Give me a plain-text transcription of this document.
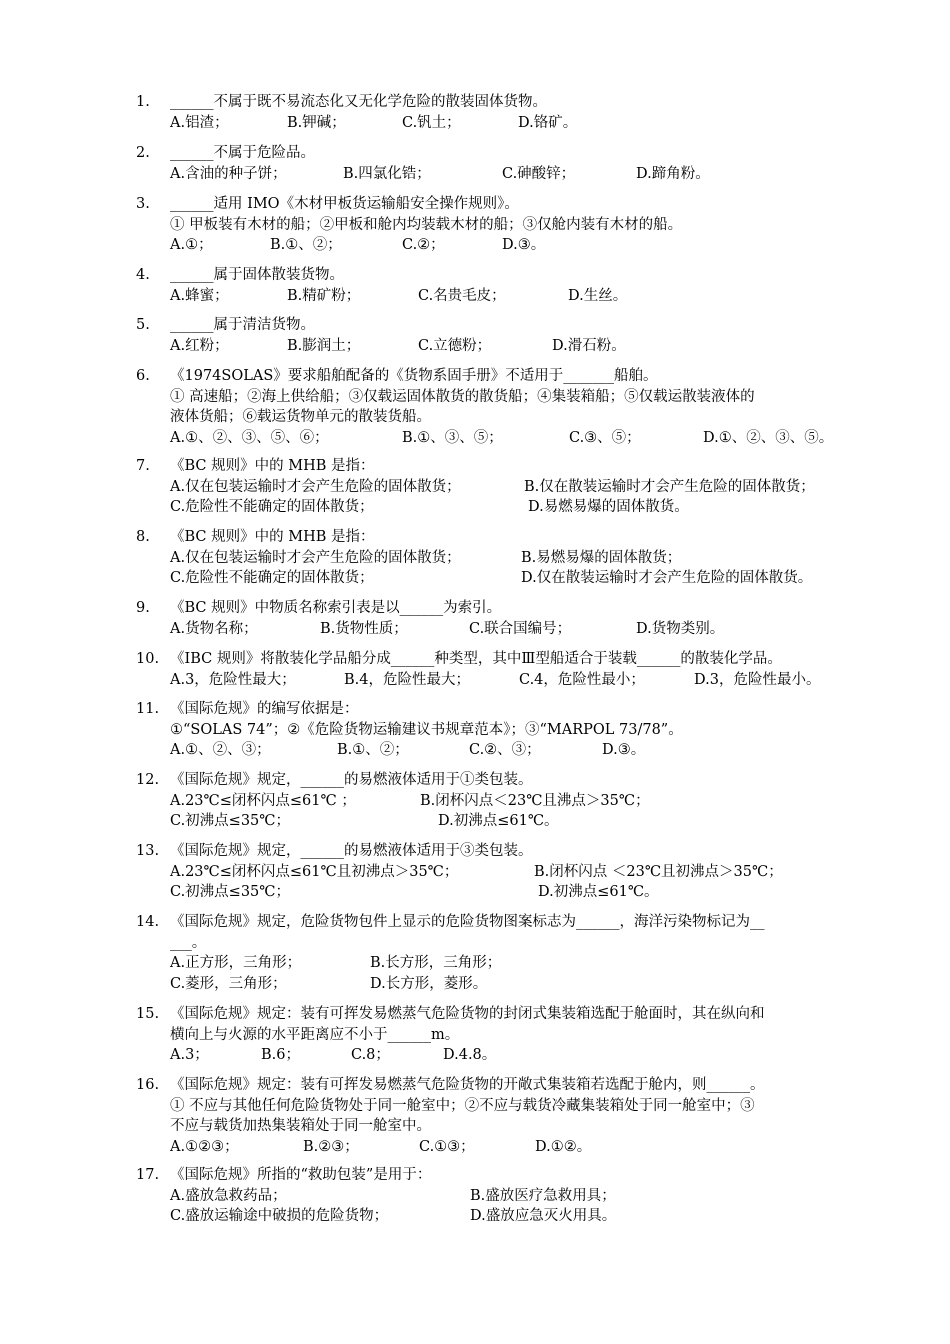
1. ______不属于既不易流态化又无化学危险的散装固体货物。
A.铝渣；	B.钾碱；	C.钒土；	D.铬矿。
2. ______不属于危险品。
A.含油的种子饼；	B.四氯化锆；	C.砷酸锌；	D.蹄角粉。
3. ______适用 IMO《木材甲板货运输船安全操作规则》。
① 甲板装有木材的船；②甲板和舱内均装载木材的船；③仅舱内装有木材的船。
A.①；	B.①、②；	C.②；	D.③。
4. ______属于固体散装货物。
A.蜂蜜；	B.精矿粉；	C.名贵毛皮；	D.生丝。
5. ______属于清洁货物。
A.红粉；	B.膨润土；	C.立德粉；	D.滑石粉。
6. 《1974SOLAS》要求船舶配备的《货物系固手册》不适用于_______船舶。
① 高速船；②海上供给船；③仅载运固体散货的散货船；④集装箱船；⑤仅载运散装液体的
液体货船；⑥载运货物单元的散装货船。
A.①、②、③、⑤、⑥；	B.①、③、⑤；	C.③、⑤；	D.①、②、③、⑤。
7. 《BC 规则》中的 MHB 是指：
A.仅在包装运输时才会产生危险的固体散货；	B.仅在散装运输时才会产生危险的固体散货；
C.危险性不能确定的固体散货；	D.易燃易爆的固体散货。
8. 《BC 规则》中的 MHB 是指：
A.仅在包装运输时才会产生危险的固体散货；	B.易燃易爆的固体散货；
C.危险性不能确定的固体散货；	D.仅在散装运输时才会产生危险的固体散货。
9. 《BC 规则》中物质名称索引表是以______为索引。
A.货物名称；	B.货物性质；	C.联合国编号；	D.货物类别。
10. 《IBC 规则》将散装化学品船分成______种类型，其中Ⅲ型船适合于装载______的散装化学品。
A.3，危险性最大；	B.4，危险性最大；	C.4，危险性最小；	D.3，危险性最小。
11. 《国际危规》的编写依据是：
①“SOLAS 74”；②《危险货物运输建议书规章范本》；③“MARPOL 73/78”。
A.①、②、③；	B.①、②；	C.②、③；	D.③。
12. 《国际危规》规定，______的易燃液体适用于①类包装。
A.23℃≤闭杯闪点≤61℃ ；	B.闭杯闪点＜23℃且沸点＞35℃；
C.初沸点≤35℃；	D.初沸点≤61℃。
13. 《国际危规》规定，______的易燃液体适用于③类包装。
A.23℃≤闭杯闪点≤61℃且初沸点＞35℃；	B.闭杯闪点 ＜23℃且初沸点＞35℃；
C.初沸点≤35℃；	D.初沸点≤61℃。
14. 《国际危规》规定，危险货物包件上显示的危险货物图案标志为______，海洋污染物标记为__
___。
A.正方形，三角形；	B.长方形，三角形；
C.菱形，三角形；	D.长方形，菱形。
15. 《国际危规》规定：装有可挥发易燃蒸气危险货物的封闭式集装箱选配于舱面时，其在纵向和
横向上与火源的水平距离应不小于______m。
A.3；	B.6；	C.8；	D.4.8。
16. 《国际危规》规定：装有可挥发易燃蒸气危险货物的开敞式集装箱若选配于舱内，则______。
① 不应与其他任何危险货物处于同一舱室中；②不应与载货冷藏集装箱处于同一舱室中；③
不应与载货加热集装箱处于同一舱室中。
A.①②③；	B.②③；	C.①③；	D.①②。
17. 《国际危规》所指的“救助包装”是用于：
A.盛放急救药品；	B.盛放医疗急救用具；
C.盛放运输途中破损的危险货物；	D.盛放应急灭火用具。
